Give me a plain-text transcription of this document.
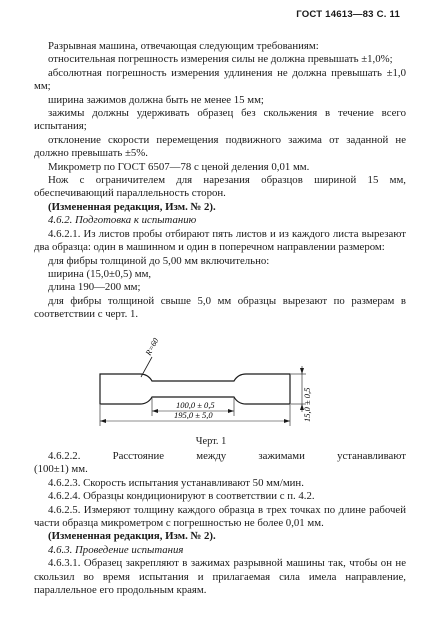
ГОСТ 14613—83 С. 11

Разрывная машина, отвечающая следующим требованиям:

относительная погрешность измерения силы не должна превышать ±1,0%;

абсолютная погрешность измерения удлинения не должна превышать ±1,0 мм;

ширина зажимов должна быть не менее 15 мм;

зажимы должны удерживать образец без скольжения в течение всего испытания;

отклонение скорости перемещения подвижного зажима от заданной не должно превышать ±5%.

Микрометр по ГОСТ 6507—78 с ценой деления 0,01 мм.

Нож с ограничителем для нарезания образцов шириной 15 мм, обеспечивающий параллельность сторон.

(Измененная редакция, Изм. № 2).

4.6.2. Подготовка к испытанию

4.6.2.1. Из листов пробы отбирают пять листов и из каждого листа вырезают два образца: один в машинном и один в поперечном направлении размером:

для фибры толщиной до 5,00 мм включительно:

ширина (15,0±0,5) мм,

длина 190—200 мм;

для фибры толщиной свыше 5,0 мм образцы вырезают по размерам в соответствии с черт. 1.

R=60
100,0 ± 0,5
195,0 ± 5,0	15,0 ± 0,5
Черт. 1

4.6.2.2.	Расстояние	между	зажимами	устанавливают

(100±1) мм.

4.6.2.3. Скорость испытания устанавливают 50 мм/мин.

4.6.2.4. Образцы кондиционируют в соответствии с п. 4.2.

4.6.2.5. Измеряют толщину каждого образца в трех точках по длине рабочей части образца микрометром с погрешностью не более 0,01 мм.

(Измененная редакция, Изм. № 2).

4.6.3. Проведение испытания

4.6.3.1. Образец закрепляют в зажимах разрывной машины так, чтобы он не скользил во время испытания и прилагаемая сила имела направление, параллельное его продольным краям.
